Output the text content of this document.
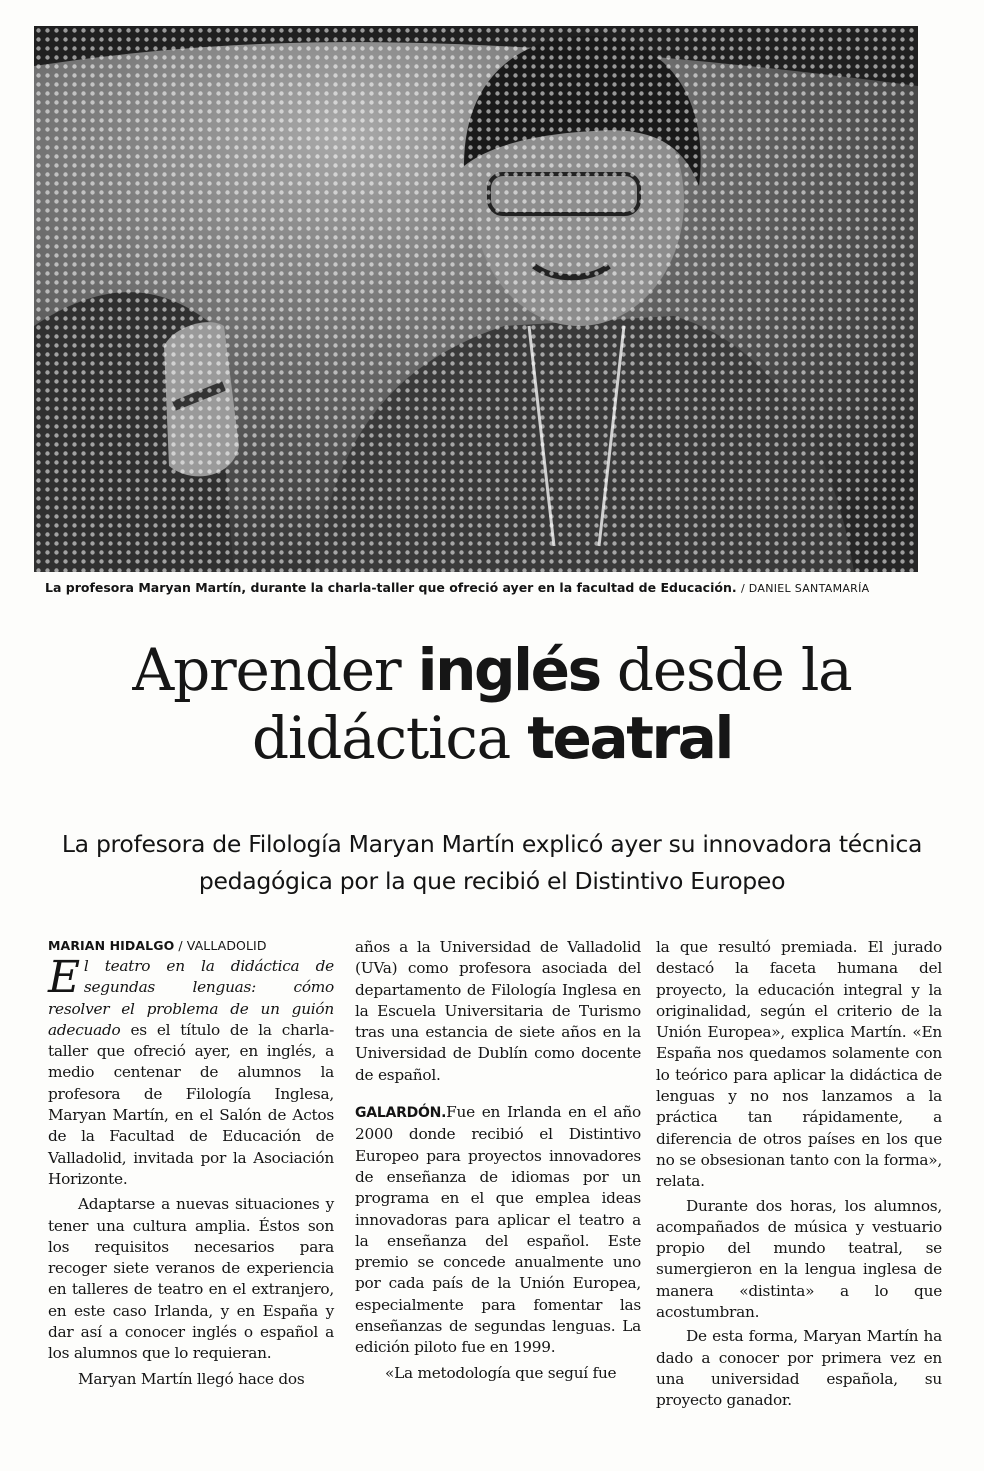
La profesora Maryan Martín, durante la charla-taller que ofreció ayer en la facultad de Educación. / DANIEL SANTAMARÍA
Aprender inglés desde la didáctica teatral
La profesora de Filología Maryan Martín explicó ayer su innovadora técnica pedagógica por la que recibió el Distintivo Europeo
MARIAN HIDALGO / VALLADOLID

El teatro en la didáctica de segundas lenguas: cómo resolver el problema de un guión adecuado es el título de la charla-taller que ofreció ayer, en inglés, a medio centenar de alumnos la profesora de Filología Inglesa, Maryan Martín, en el Salón de Actos de la Facultad de Educación de Valladolid, invitada por la Asociación Horizonte.

Adaptarse a nuevas situaciones y tener una cultura amplia. Éstos son los requisitos necesarios para recoger siete veranos de experiencia en talleres de teatro en el extranjero, en este caso Irlanda, y en España y dar así a conocer inglés o español a los alumnos que lo requieran.

Maryan Martín llegó hace dos

años a la Universidad de Valladolid (UVa) como profesora asociada del departamento de Filología Inglesa en la Escuela Universitaria de Turismo tras una estancia de siete años en la Universidad de Dublín como docente de español.

GALARDÓN.Fue en Irlanda en el año 2000 donde recibió el Distintivo Europeo para proyectos innovadores de enseñanza de idiomas por un programa en el que emplea ideas innovadoras para aplicar el teatro a la enseñanza del español. Este premio se concede anualmente uno por cada país de la Unión Europea, especialmente para fomentar las enseñanzas de segundas lenguas. La edición piloto fue en 1999.

«La metodología que seguí fue

la que resultó premiada. El jurado destacó la faceta humana del proyecto, la educación integral y la originalidad, según el criterio de la Unión Europea», explica Martín. «En España nos quedamos solamente con lo teórico para aplicar la didáctica de lenguas y no nos lanzamos a la práctica tan rápidamente, a diferencia de otros países en los que no se obsesionan tanto con la forma», relata.

Durante dos horas, los alumnos, acompañados de música y vestuario propio del mundo teatral, se sumergieron en la lengua inglesa de manera «distinta» a lo que acostumbran.

De esta forma, Maryan Martín ha dado a conocer por primera vez en una universidad española, su proyecto ganador.
